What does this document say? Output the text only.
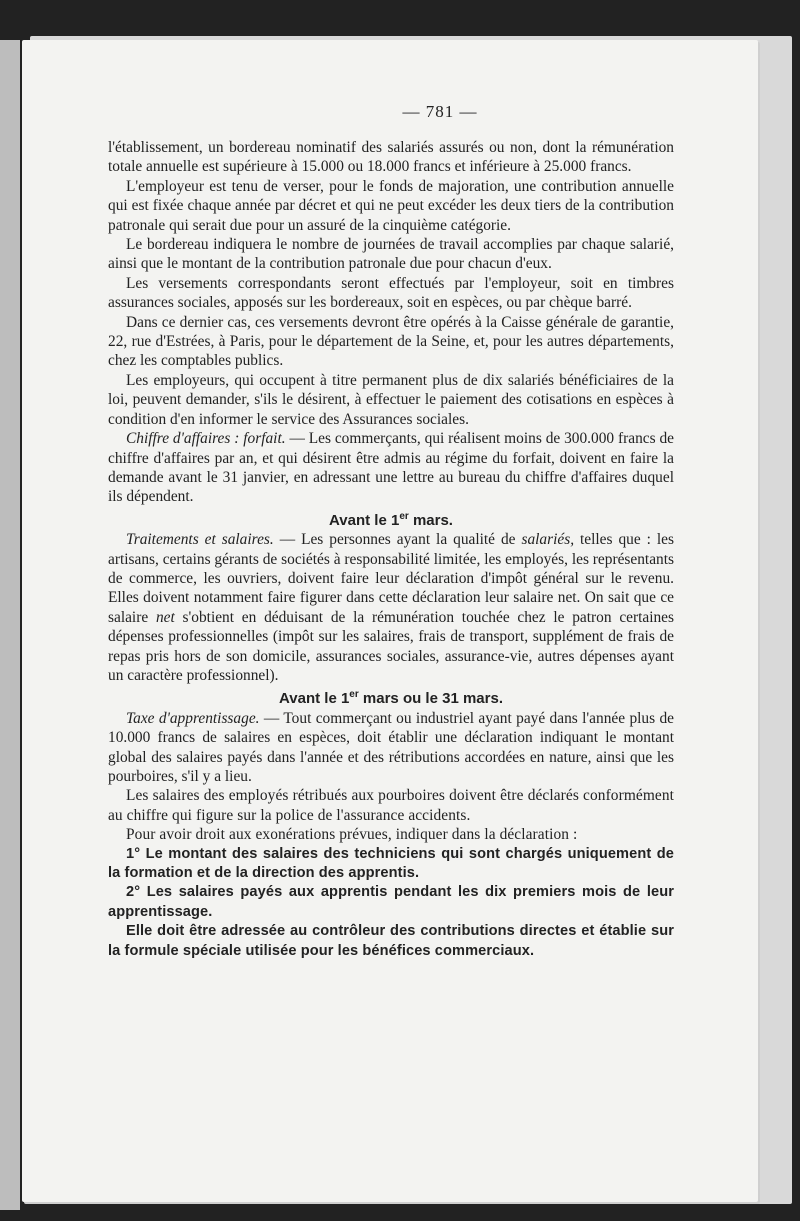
— 781 —

l'établissement, un bordereau nominatif des salariés assurés ou non, dont la rémunération totale annuelle est supérieure à 15.000 ou 18.000 francs et inférieure à 25.000 francs.

L'employeur est tenu de verser, pour le fonds de majoration, une contribution annuelle qui est fixée chaque année par décret et qui ne peut excéder les deux tiers de la contribution patronale qui serait due pour un assuré de la cinquième catégorie.

Le bordereau indiquera le nombre de journées de travail accomplies par chaque salarié, ainsi que le montant de la contribution patronale due pour chacun d'eux.

Les versements correspondants seront effectués par l'employeur, soit en timbres assurances sociales, apposés sur les bordereaux, soit en espèces, ou par chèque barré.

Dans ce dernier cas, ces versements devront être opérés à la Caisse générale de garantie, 22, rue d'Estrées, à Paris, pour le département de la Seine, et, pour les autres départements, chez les comptables publics.

Les employeurs, qui occupent à titre permanent plus de dix salariés bénéficiaires de la loi, peuvent demander, s'ils le désirent, à effectuer le paiement des cotisations en espèces à condition d'en informer le service des Assurances sociales.

Chiffre d'affaires : forfait. — Les commerçants, qui réalisent moins de 300.000 francs de chiffre d'affaires par an, et qui désirent être admis au régime du forfait, doivent en faire la demande avant le 31 janvier, en adressant une lettre au bureau du chiffre d'affaires duquel ils dépendent.

Avant le 1er mars.

Traitements et salaires. — Les personnes ayant la qualité de salariés, telles que : les artisans, certains gérants de sociétés à responsabilité limitée, les employés, les représentants de commerce, les ouvriers, doivent faire leur déclaration d'impôt général sur le revenu. Elles doivent notamment faire figurer dans cette déclaration leur salaire net. On sait que ce salaire net s'obtient en déduisant de la rémunération touchée chez le patron certaines dépenses professionnelles (impôt sur les salaires, frais de transport, supplément de frais de repas pris hors de son domicile, assurances sociales, assurance-vie, autres dépenses ayant un caractère professionnel).

Avant le 1er mars ou le 31 mars.

Taxe d'apprentissage. — Tout commerçant ou industriel ayant payé dans l'année plus de 10.000 francs de salaires en espèces, doit établir une déclaration indiquant le montant global des salaires payés dans l'année et des rétributions accordées en nature, ainsi que les pourboires, s'il y a lieu.

Les salaires des employés rétribués aux pourboires doivent être déclarés conformément au chiffre qui figure sur la police de l'assurance accidents.

Pour avoir droit aux exonérations prévues, indiquer dans la déclaration :

1° Le montant des salaires des techniciens qui sont chargés uniquement de la formation et de la direction des apprentis.

2° Les salaires payés aux apprentis pendant les dix premiers mois de leur apprentissage.

Elle doit être adressée au contrôleur des contributions directes et établie sur la formule spéciale utilisée pour les bénéfices commerciaux.
